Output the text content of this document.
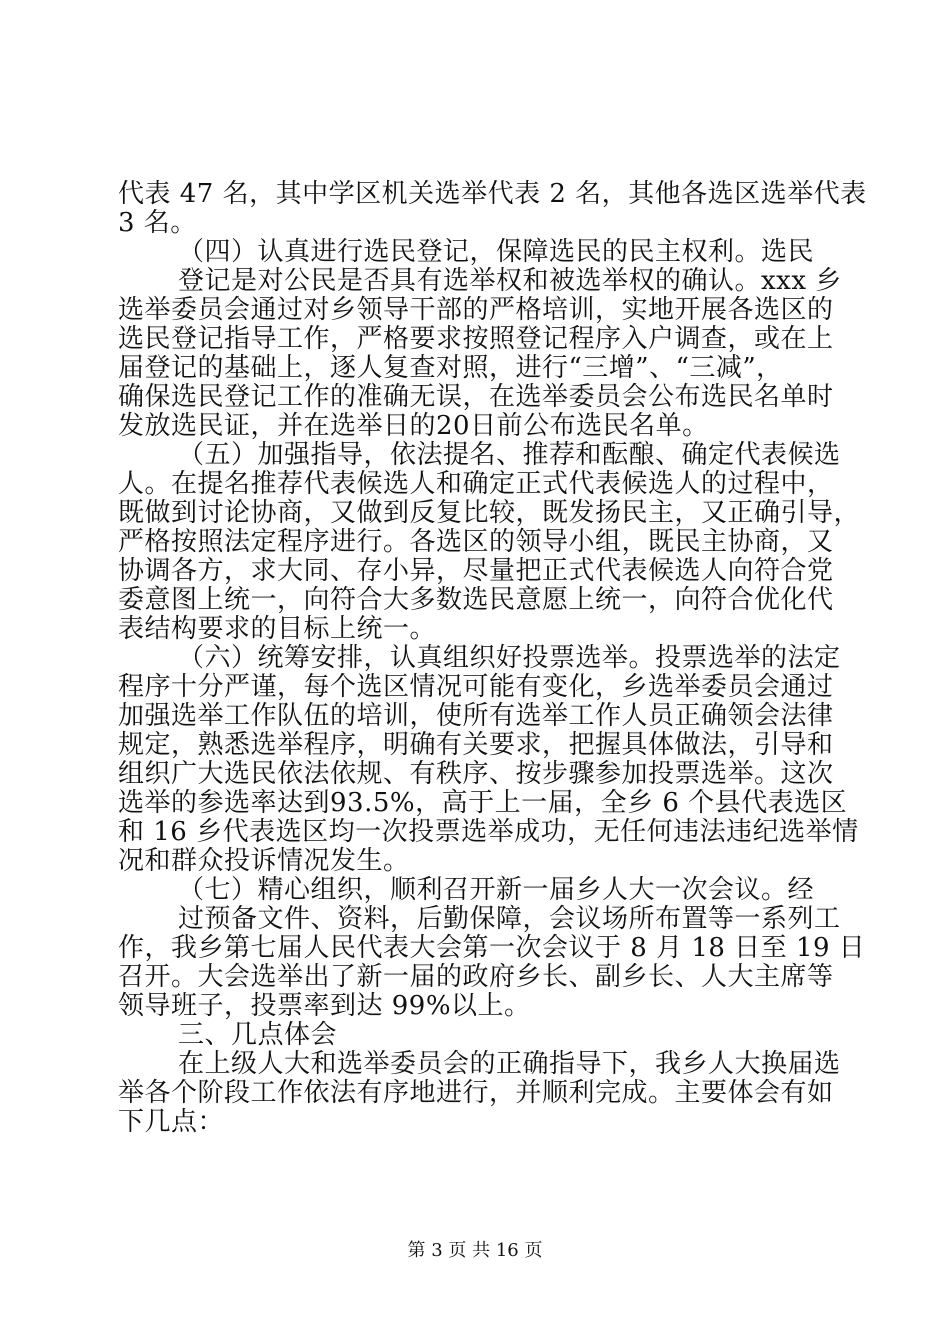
代表 47 名，其中学区机关选举代表 2 名，其他各选区选举代表
3 名。
（四）认真进行选民登记，保障选民的民主权利。选民
登记是对公民是否具有选举权和被选举权的确认。xxx 乡
选举委员会通过对乡领导干部的严格培训，实地开展各选区的
选民登记指导工作，严格要求按照登记程序入户调查，或在上
届登记的基础上，逐人复查对照，进行“三增”、“三减”，
确保选民登记工作的准确无误，在选举委员会公布选民名单时
发放选民证，并在选举日的20日前公布选民名单。
（五）加强指导，依法提名、推荐和酝酿、确定代表候选
人。在提名推荐代表候选人和确定正式代表候选人的过程中，
既做到讨论协商，又做到反复比较，既发扬民主，又正确引导，
严格按照法定程序进行。各选区的领导小组，既民主协商，又
协调各方，求大同、存小异，尽量把正式代表候选人向符合党
委意图上统一，向符合大多数选民意愿上统一，向符合优化代
表结构要求的目标上统一。
（六）统筹安排，认真组织好投票选举。投票选举的法定
程序十分严谨，每个选区情况可能有变化，乡选举委员会通过
加强选举工作队伍的培训，使所有选举工作人员正确领会法律
规定，熟悉选举程序，明确有关要求，把握具体做法，引导和
组织广大选民依法依规、有秩序、按步骤参加投票选举。这次
选举的参选率达到93.5%，高于上一届，全乡 6 个县代表选区
和 16 乡代表选区均一次投票选举成功，无任何违法违纪选举情
况和群众投诉情况发生。
（七）精心组织，顺利召开新一届乡人大一次会议。经
过预备文件、资料，后勤保障，会议场所布置等一系列工
作，我乡第七届人民代表大会第一次会议于 8 月 18 日至 19 日
召开。大会选举出了新一届的政府乡长、副乡长、人大主席等
领导班子，投票率到达 99%以上。
三、几点体会
在上级人大和选举委员会的正确指导下，我乡人大换届选
举各个阶段工作依法有序地进行，并顺利完成。主要体会有如
下几点：
第 3 页 共 16 页
